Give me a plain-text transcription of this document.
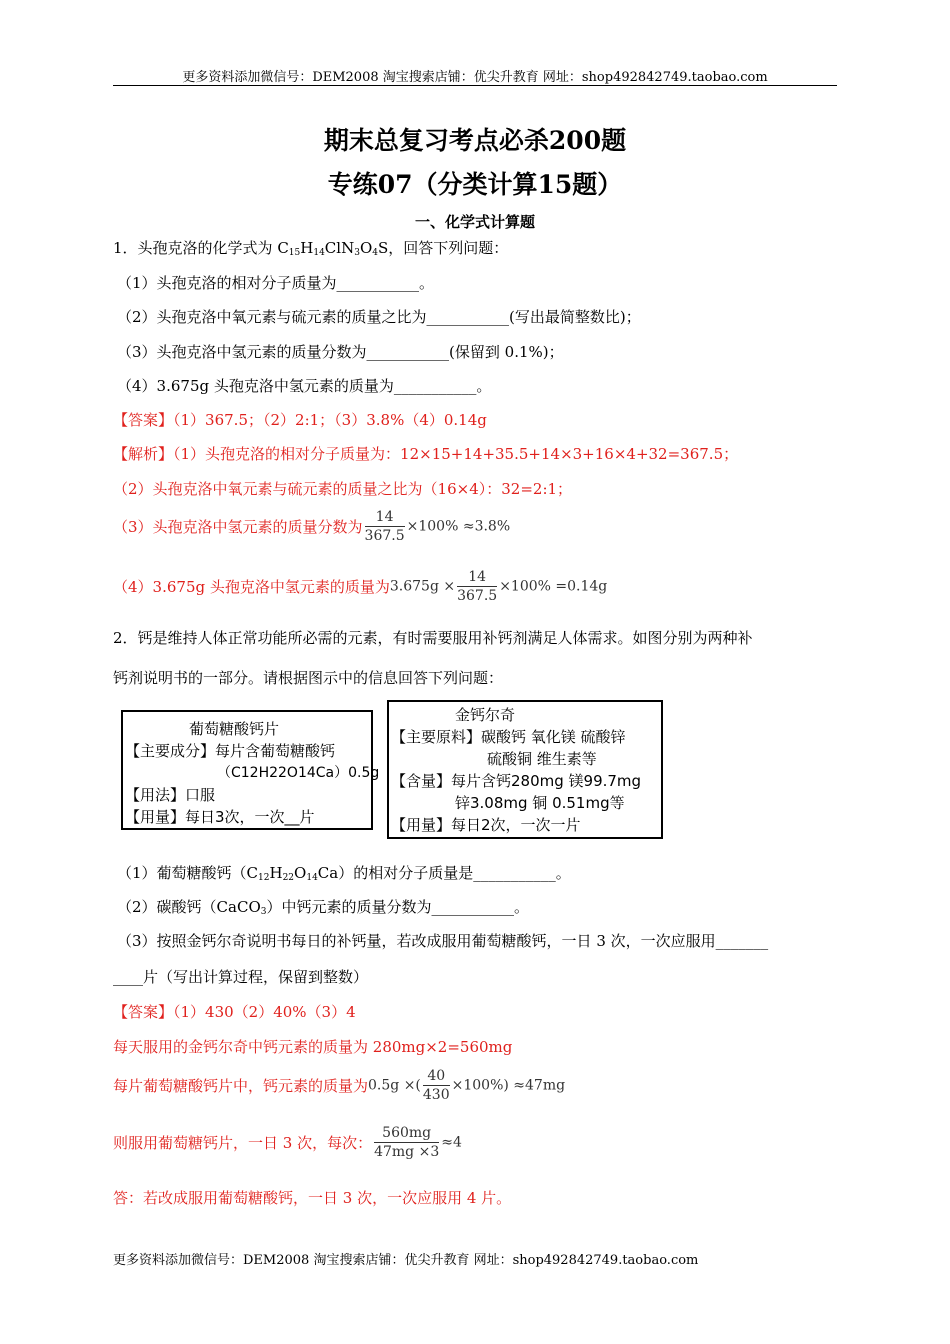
更多资料添加微信号：DEM2008 淘宝搜索店铺：优尖升教育 网址：shop492842749.taobao.com
期末总复习考点必杀200题
专练07（分类计算15题）
一、化学式计算题
1．头孢克洛的化学式为 $C_{15}H_{14}ClN_3O_4S$，回答下列问题：
（1）头孢克洛的相对分子质量为___________。
（2）头孢克洛中氧元素与硫元素的质量之比为___________(写出最简整数比)；
（3）头孢克洛中氢元素的质量分数为___________(保留到 0.1%)；
（4）3.675g 头孢克洛中氢元素的质量为___________。
【答案】（1）367.5；（2）2:1；（3）3.8%（4）0.14g
【解析】（1）头孢克洛的相对分子质量为：12×15+14+35.5+14×3+16×4+32=367.5；
（2）头孢克洛中氧元素与硫元素的质量之比为（16×4）：32=2:1；
（3）头孢克洛中氢元素的质量分数为 $\frac{14}{367.5} \times 100\% \approx 3.8\%$
（4）3.675g 头孢克洛中氢元素的质量为$3.675g \times \frac{14}{367.5} \times 100\% =0.14g$
2．钙是维持人体正常功能所必需的元素，有时需要服用补钙剂满足人体需求。如图分别为两种补
钙剂说明书的一部分。请根据图示中的信息回答下列问题：
葡萄糖酸钙片
【主要成分】每片含葡萄糖酸钙
（C12H22O14Ca）0.5g
【用法】口服
【用量】每日3次，一次__片
金钙尔奇
【主要原料】碳酸钙 氧化镁 硫酸锌
硫酸铜 维生素等
【含量】每片含钙280mg 镁99.7mg
锌3.08mg 铜 0.51mg等
【用量】每日2次，一次一片
（1）葡萄糖酸钙$(C_{12}H_{22}O_{14}Ca)$的相对分子质量是___________。
（2）碳酸钙（CaCO$_3$）中钙元素的质量分数为___________。
（3）按照金钙尔奇说明书每日的补钙量，若改成服用葡萄糖酸钙，一日 3 次，一次应服用_______
____片（写出计算过程，保留到整数）
【答案】（1）430（2）40%（3）4
每天服用的金钙尔奇中钙元素的质量为 280mg×2=560mg
每片葡萄糖酸钙片中，钙元素的质量为0.5g ×( $\frac{40}{430} \times 100\%) \approx 47mg$
则服用葡萄糖钙片，一日 3 次，每次： $\frac{560mg}{47mg \times 3} \approx 4$
答：若改成服用葡萄糖酸钙，一日 3 次，一次应服用 4 片。
更多资料添加微信号：DEM2008 淘宝搜索店铺：优尖升教育 网址：shop492842749.taobao.com
